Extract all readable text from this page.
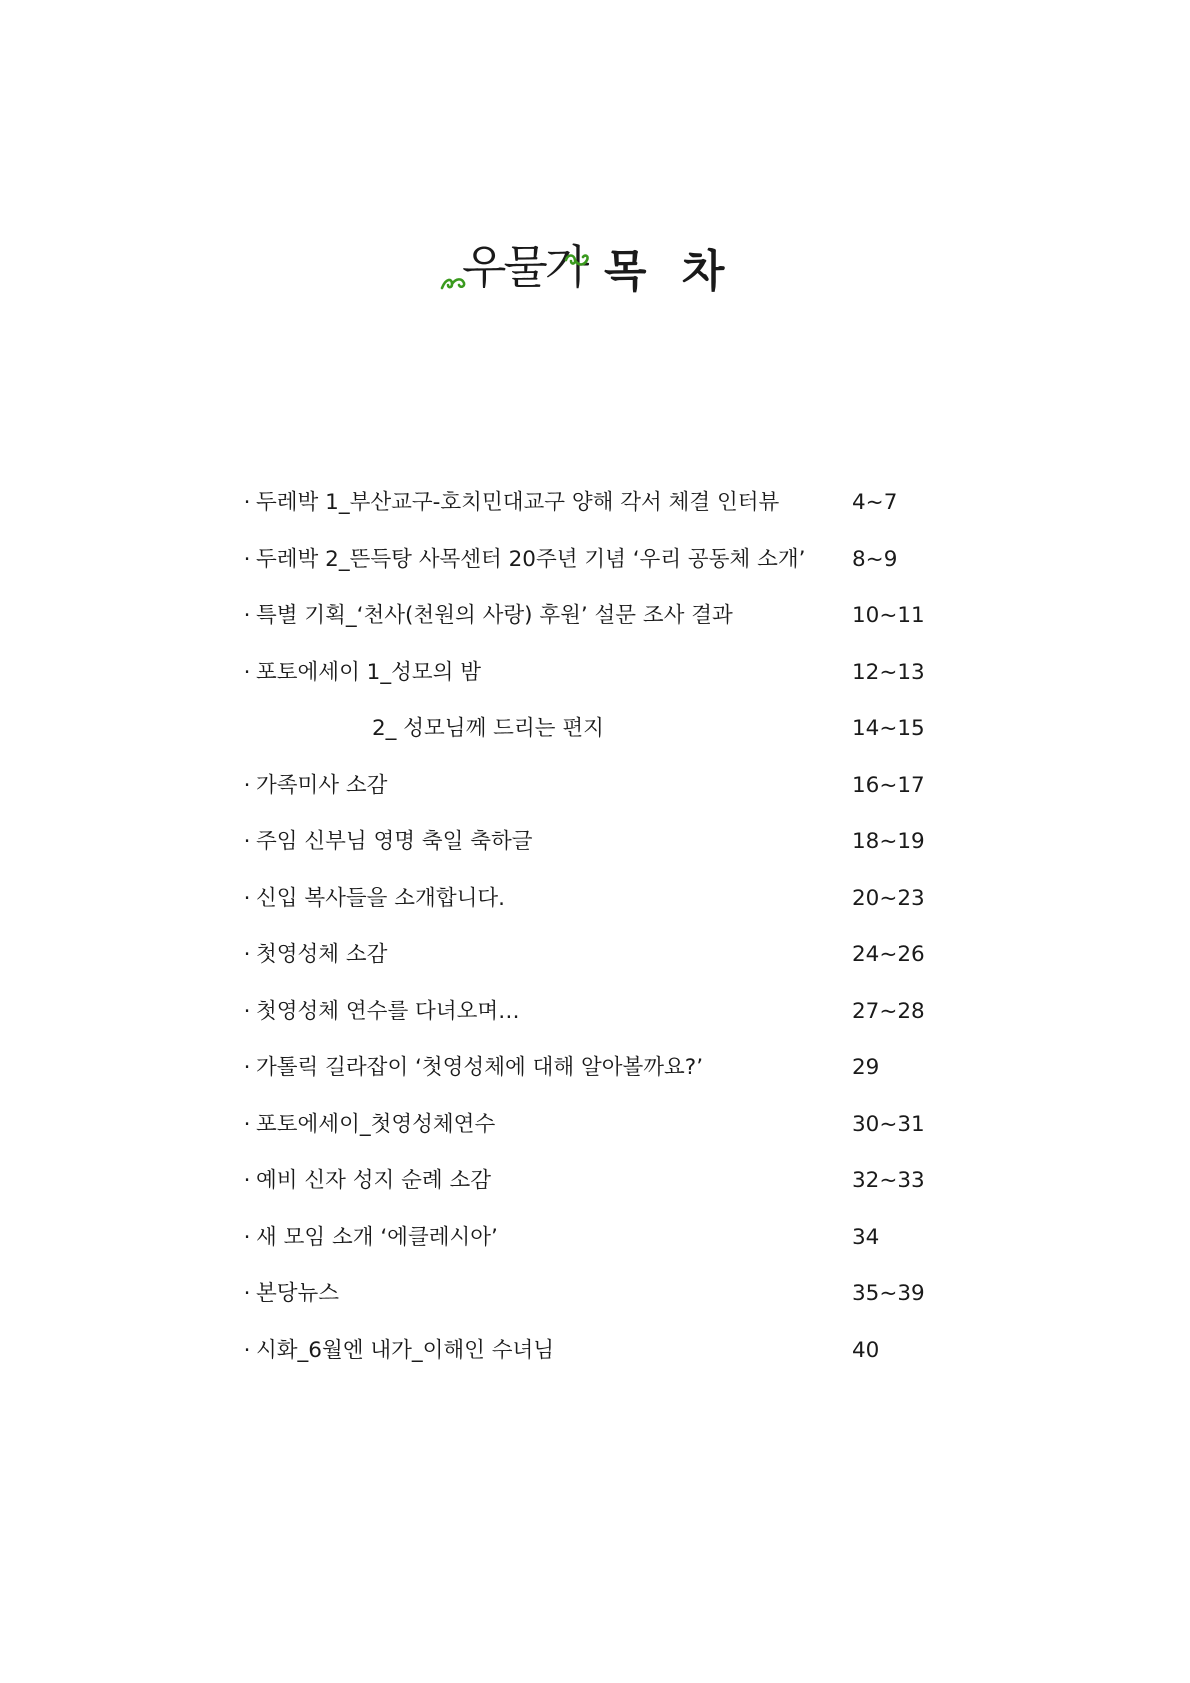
우물가 목 차
· 두레박 1_부산교구-호치민대교구 양해 각서 체결 인터뷰	4~7
· 두레박 2_뜬득탕 사목센터 20주년 기념 ‘우리 공동체 소개’ 8~9
· 특별 기획_‘천사(천원의 사랑) 후원’ 설문 조사 결과	10~11
· 포토에세이 1_성모의 밤	12~13
2_ 성모님께 드리는 편지	14~15
· 가족미사 소감	16~17
· 주임 신부님 영명 축일 축하글	18~19
· 신입 복사들을 소개합니다.	20~23
· 첫영성체 소감	24~26
· 첫영성체 연수를 다녀오며…	27~28
· 가톨릭 길라잡이 ‘첫영성체에 대해 알아볼까요?’	29
· 포토에세이_첫영성체연수	30~31
· 예비 신자 성지 순례 소감	32~33
· 새 모임 소개 ‘에클레시아’	34
· 본당뉴스	35~39
· 시화_6월엔 내가_이해인 수녀님	40
